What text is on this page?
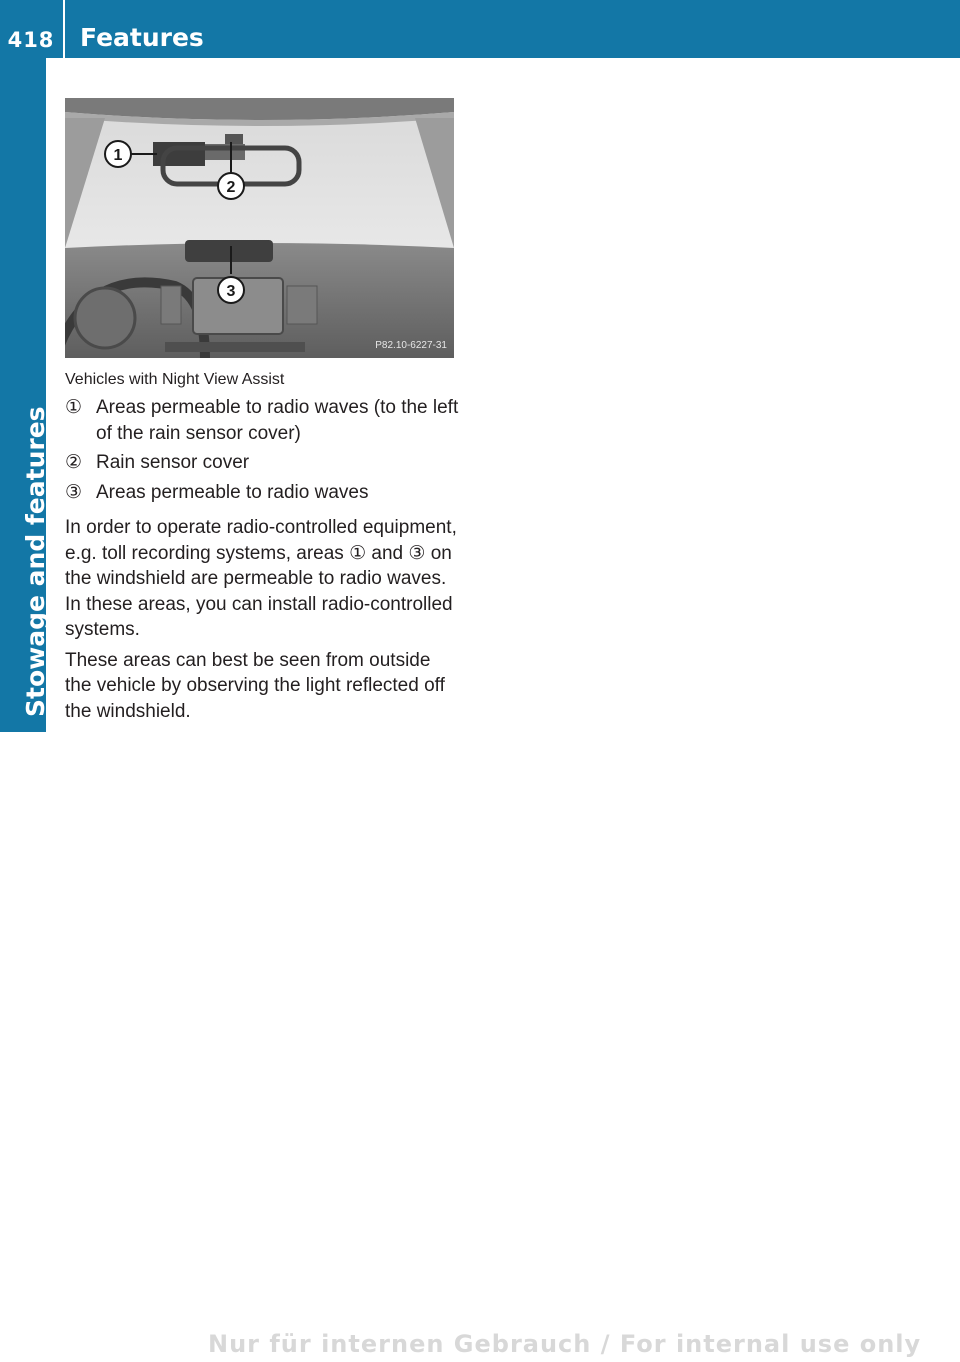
418	Features
Stowage and features
1
2
3
P82.10-6227-31
Vehicles with Night View Assist
① Areas permeable to radio waves (to the left of the rain sensor cover)
② Rain sensor cover
③ Areas permeable to radio waves

In order to operate radio-controlled equipment, e.g. toll recording systems, areas ① and ③ on the windshield are permeable to radio waves. In these areas, you can install radio-controlled systems.

These areas can best be seen from outside the vehicle by observing the light reflected off the windshield.

Nur für internen Gebrauch / For internal use only
